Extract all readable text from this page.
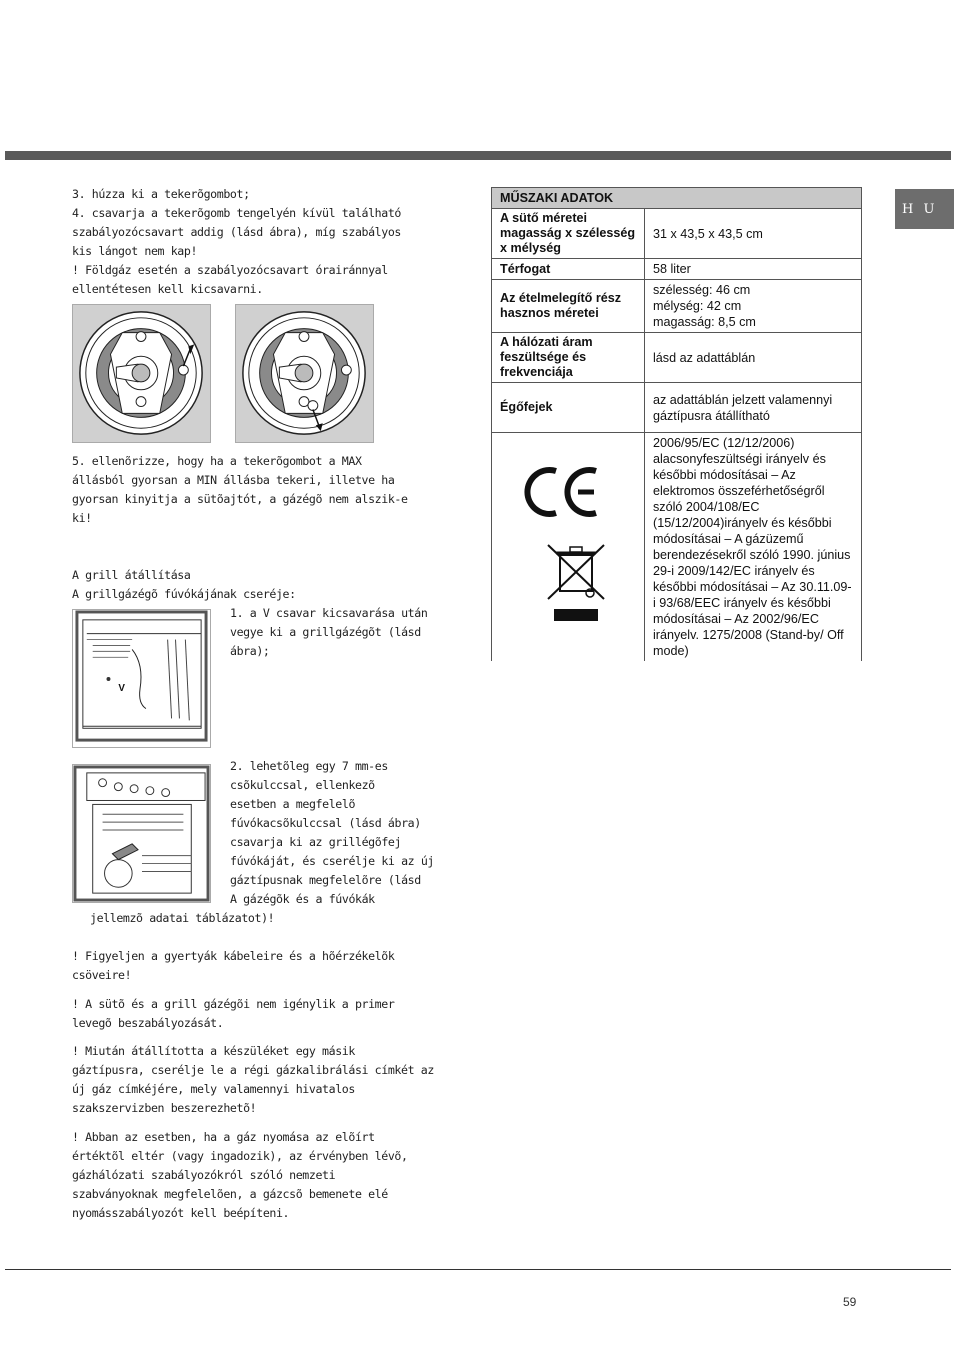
H U
3. húzza ki a tekerõgombot;
4. csavarja a tekerõgomb tengelyén kívül található
szabályozócsavart addig (lásd ábra), míg szabályos
kis lángot nem kap!
! Földgáz esetén a szabályozócsavart órairánnyal
ellentétesen kell kicsavarni.
5. ellenõrizze, hogy ha a tekerõgombot a MAX
állásból gyorsan a MIN állásba tekeri, illetve ha
gyorsan kinyitja a sütõajtót, a gázégõ nem alszik-e
ki!
A grill átállítása
A grillgázégõ fúvókájának cseréje:
V
1. a V csavar kicsavarása után
vegye ki a grillgázégõt (lásd
ábra);
2. lehetõleg egy 7 mm-es
csõkulccsal, ellenkezõ
esetben a megfelelõ
fúvókacsõkulccsal (lásd ábra)
csavarja ki az grillégõfej
fúvókáját, és cserélje ki az új
gáztípusnak megfelelõre (lásd
A gázégõk és a fúvókák
jellemzõ adatai táblázatot)!
! Figyeljen a gyertyák kábeleire és a hõérzékelõk
csöveire!
! A sütõ és a grill gázégõi nem igénylik a primer
levegõ beszabályozását.
! Miután átállította a készüléket egy másik
gáztípusra, cserélje le a régi gázkalibrálási címkét az
új gáz címkéjére, mely valamennyi hivatalos
szakszervizben beszerezhetõ!
! Abban az esetben, ha a gáz nyomása az elõírt
értéktõl eltér (vagy ingadozik), az érvényben lévõ,
gázhálózati szabályozókról szóló nemzeti
szabványoknak megfelelõen, a gázcsõ bemenete elé
nyomásszabályozót kell beépíteni.
MŰSZAKI ADATOK	
A sütő méretei magasság x szélesség x mélység	31 x 43,5 x 43,5 cm
Térfogat	58 liter
Az ételmelegítő rész hasznos méretei	szélesség: 46 cm
mélység: 42 cm
magasság: 8,5 cm
A hálózati áram feszültsége és frekvenciája	lásd az adattáblán
Égőfejek	az adattáblán jelzett valamennyi gáztípusra átállítható
	2006/95/EC (12/12/2006) alacsonyfeszültségi irányelv és későbbi módosításai – Az elektromos összeférhetőségről szóló 2004/108/EC (15/12/2004)irányelv és későbbi módosításai – A gázüzemű berendezésekről szóló 1990. június 29-i 2009/142/EC irányelv és későbbi módosításai – Az 30.11.09-i 93/68/EEC irányelv és későbbi módosításai – Az 2002/96/EC irányelv. 1275/2008 (Stand-by/ Off mode)
59
